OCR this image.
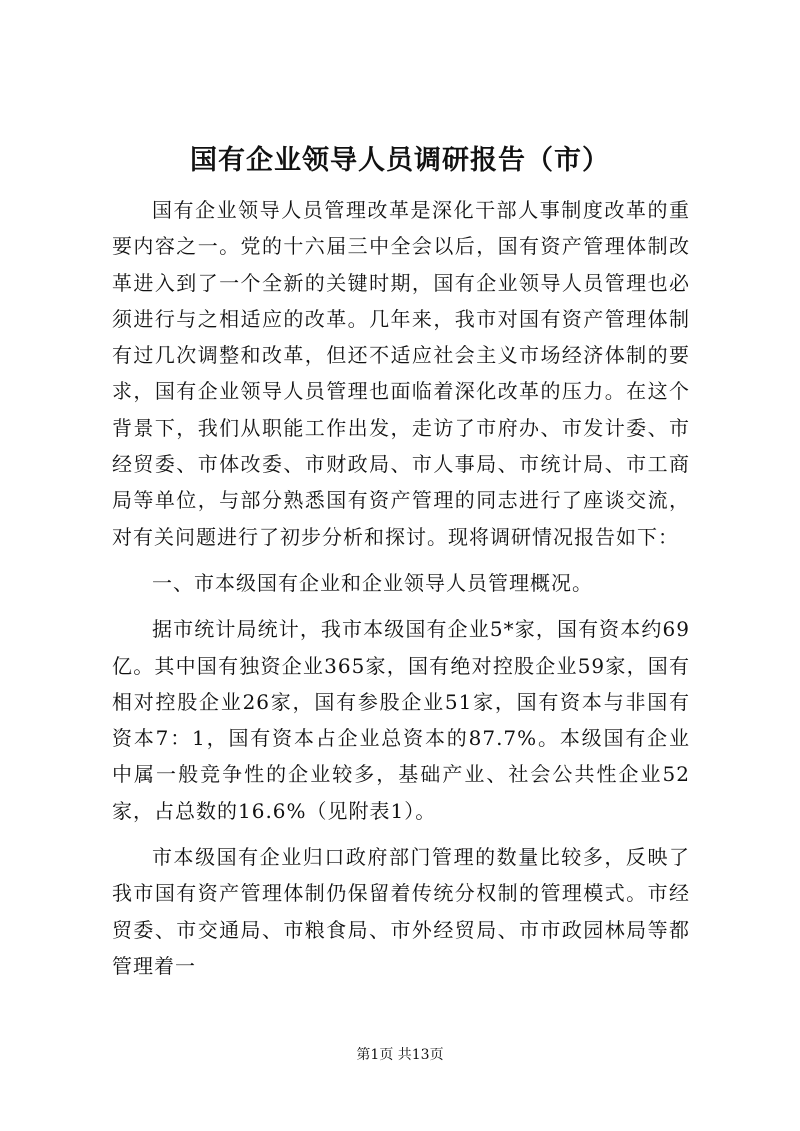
国有企业领导人员调研报告（市）

国有企业领导人员管理改革是深化干部人事制度改革的重要内容之一。党的十六届三中全会以后，国有资产管理体制改革进入到了一个全新的关键时期，国有企业领导人员管理也必须进行与之相适应的改革。几年来，我市对国有资产管理体制有过几次调整和改革，但还不适应社会主义市场经济体制的要求，国有企业领导人员管理也面临着深化改革的压力。在这个背景下，我们从职能工作出发，走访了市府办、市发计委、市经贸委、市体改委、市财政局、市人事局、市统计局、市工商局等单位，与部分熟悉国有资产管理的同志进行了座谈交流，对有关问题进行了初步分析和探讨。现将调研情况报告如下：

一、市本级国有企业和企业领导人员管理概况。

据市统计局统计，我市本级国有企业5*家，国有资本约69亿。其中国有独资企业365家，国有绝对控股企业59家，国有相对控股企业26家，国有参股企业51家，国有资本与非国有资本7：1，国有资本占企业总资本的87.7%。本级国有企业中属一般竞争性的企业较多，基础产业、社会公共性企业52家，占总数的16.6%（见附表1）。

市本级国有企业归口政府部门管理的数量比较多，反映了我市国有资产管理体制仍保留着传统分权制的管理模式。市经贸委、市交通局、市粮食局、市外经贸局、市市政园林局等都管理着一

第1页 共13页
